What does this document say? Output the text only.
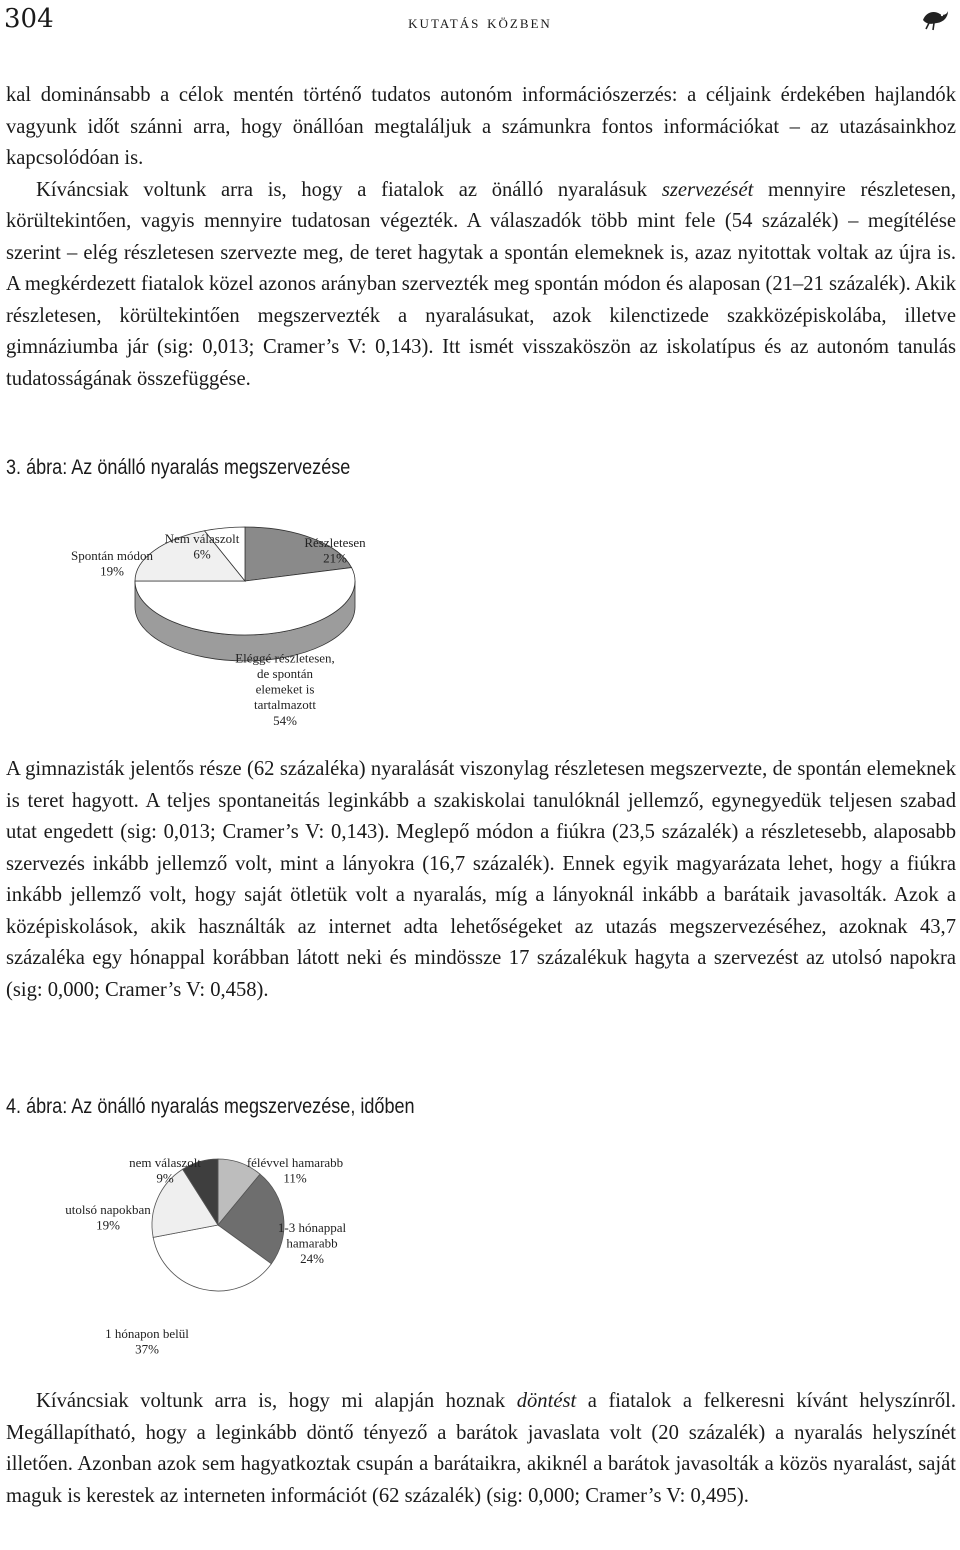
304	kutatás közben

kal dominánsabb a célok mentén történő tudatos autonóm információszerzés: a céljaink érdekében hajlandók vagyunk időt szánni arra, hogy önállóan megtaláljuk a számunkra fontos információkat – az utazásainkhoz kapcsolódóan is.

Kíváncsiak voltunk arra is, hogy a fiatalok az önálló nyaralásuk szervezését mennyire részletesen, körültekintően, vagyis mennyire tudatosan végezték. A válaszadók több mint fele (54 százalék) – megítélése szerint – elég részletesen szervezte meg, de teret hagytak a spontán elemeknek is, azaz nyitottak voltak az újra is. A megkérdezett fiatalok közel azonos arányban szervezték meg spontán módon és alaposan (21–21 százalék). Akik részletesen, körültekintően megszervezték a nyaralásukat, azok kilenctizede szakközépiskolába, illetve gimnáziumba jár (sig: 0,013; Cramer’s V: 0,143). Itt ismét visszaköszön az iskolatípus és az autonóm tanulás tudatosságának összefüggése.

3. ábra: Az önálló nyaralás megszervezése
Részletesen 21%
Eléggé részletesen, de spontán elemeket is tartalmazott 54%
Spontán módon 19%
Nem válaszolt 6%

A gimnazisták jelentős része (62 százaléka) nyaralását viszonylag részletesen megszervezte, de spontán elemeknek is teret hagyott. A teljes spontaneitás leginkább a szakiskolai tanulóknál jellemző, egynegyedük teljesen szabad utat engedett (sig: 0,013; Cramer’s V: 0,143). Meglepő módon a fiúkra (23,5 százalék) a részletesebb, alaposabb szervezés inkább jellemző volt, mint a lányokra (16,7 százalék). Ennek egyik magyarázata lehet, hogy a fiúkra inkább jellemző volt, hogy saját ötletük volt a nyaralás, míg a lányoknál inkább a barátaik javasolták. Azok a középiskolások, akik használták az internet adta lehetőségeket az utazás megszervezéséhez, azoknak 43,7 százaléka egy hónappal korábban látott neki és mindössze 17 százalékuk hagyta a szervezést az utolsó napokra (sig: 0,000; Cramer’s V: 0,458).

4. ábra: Az önálló nyaralás megszervezése, időben
félévvel hamarabb 11%
1-3 hónappal hamarabb 24%
1 hónapon belül 37%
utolsó napokban 19%
nem válaszolt 9%

Kíváncsiak voltunk arra is, hogy mi alapján hoznak döntést a fiatalok a felkeresni kívánt helyszínről. Megállapítható, hogy a leginkább döntő tényező a barátok javaslata volt (20 százalék) a nyaralás helyszínét illetően. Azonban azok sem hagyatkoztak csupán a barátaikra, akiknél a barátok javasolták a közös nyaralást, saját maguk is kerestek az interneten információt (62 százalék) (sig: 0,000; Cramer’s V: 0,495).
